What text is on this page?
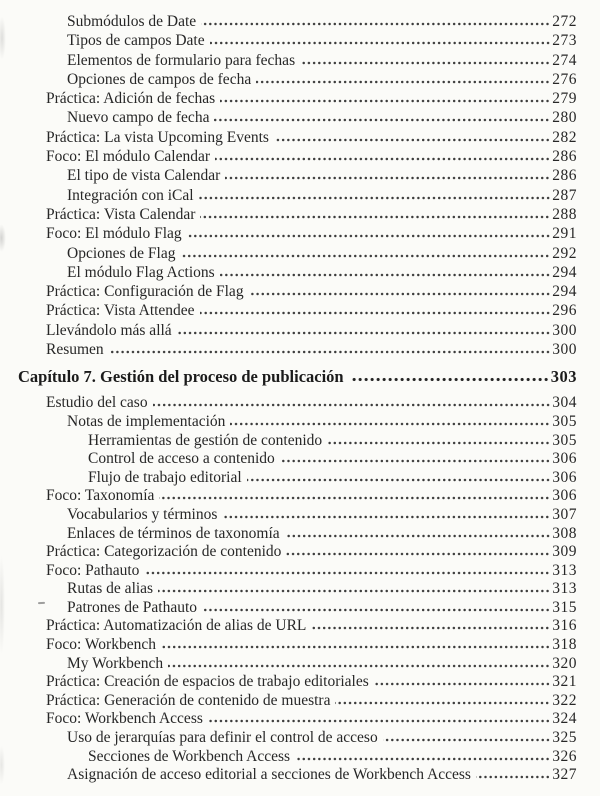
Submódulos de Date	272
Tipos de campos Date	273
Elementos de formulario para fechas	274
Opciones de campos de fecha	276
Práctica: Adición de fechas	279
Nuevo campo de fecha	280
Práctica: La vista Upcoming Events	282
Foco: El módulo Calendar	286
El tipo de vista Calendar	286
Integración con iCal	287
Práctica: Vista Calendar	288
Foco: El módulo Flag	291
Opciones de Flag	292
El módulo Flag Actions	294
Práctica: Configuración de Flag	294
Práctica: Vista Attendee	296
Llevándolo más allá	300
Resumen	300
Capítulo 7. Gestión del proceso de publicación	303
Estudio del caso	304
Notas de implementación	305
Herramientas de gestión de contenido	305
Control de acceso a contenido	306
Flujo de trabajo editorial	306
Foco: Taxonomía	306
Vocabularios y términos	307
Enlaces de términos de taxonomía	308
Práctica: Categorización de contenido	309
Foco: Pathauto	313
Rutas de alias	313
Patrones de Pathauto	315
Práctica: Automatización de alias de URL	316
Foco: Workbench	318
My Workbench	320
Práctica: Creación de espacios de trabajo editoriales	321
Práctica: Generación de contenido de muestra	322
Foco: Workbench Access	324
Uso de jerarquías para definir el control de acceso	325
Secciones de Workbench Access	326
Asignación de acceso editorial a secciones de Workbench Access	327
